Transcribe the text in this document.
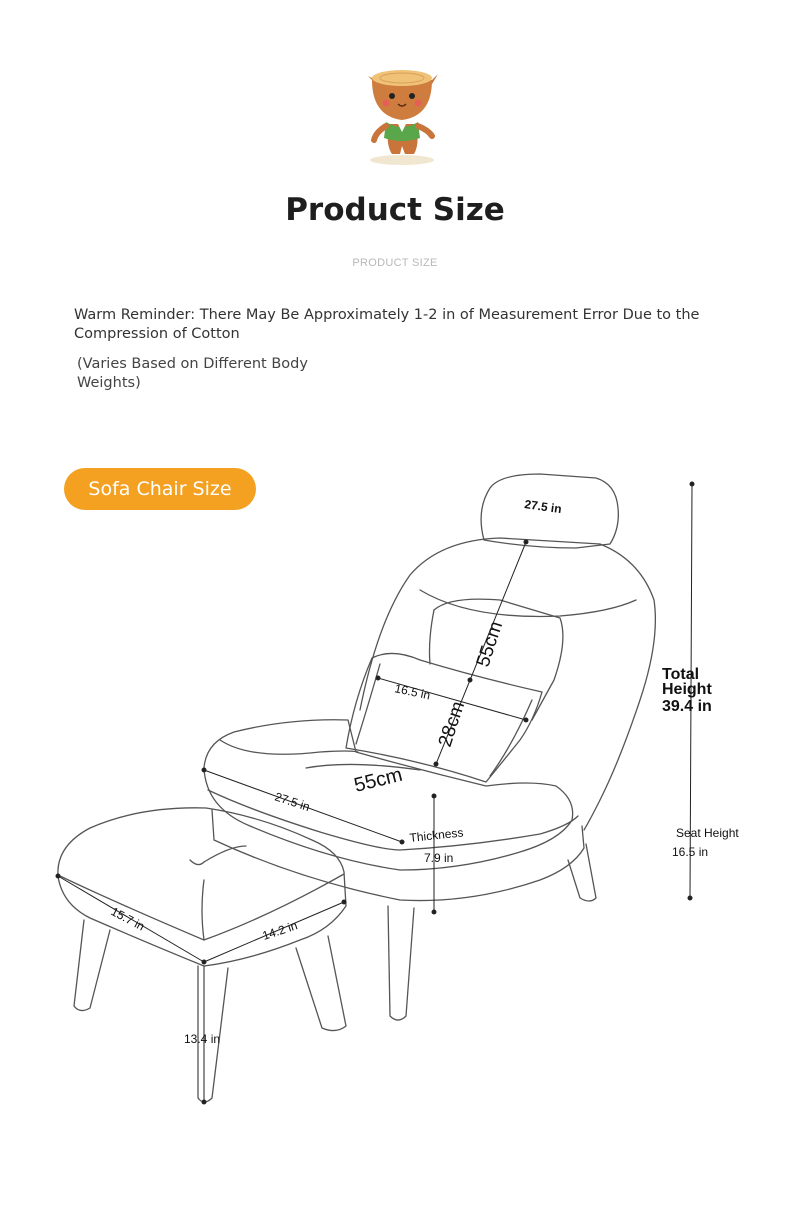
Product Size
PRODUCT SIZE
Warm Reminder: There May Be Approximately 1-2 in of Measurement Error Due to the Compression of Cotton
(Varies Based on Different Body Weights)
Sofa Chair Size
27.5 in
55cm
16.5 in
28cm
55cm
27.5 in
Thickness
7.9 in
Total
Height
39.4 in
Seat Height
16.5 in
15.7 in	14.2 in
13.4 in
